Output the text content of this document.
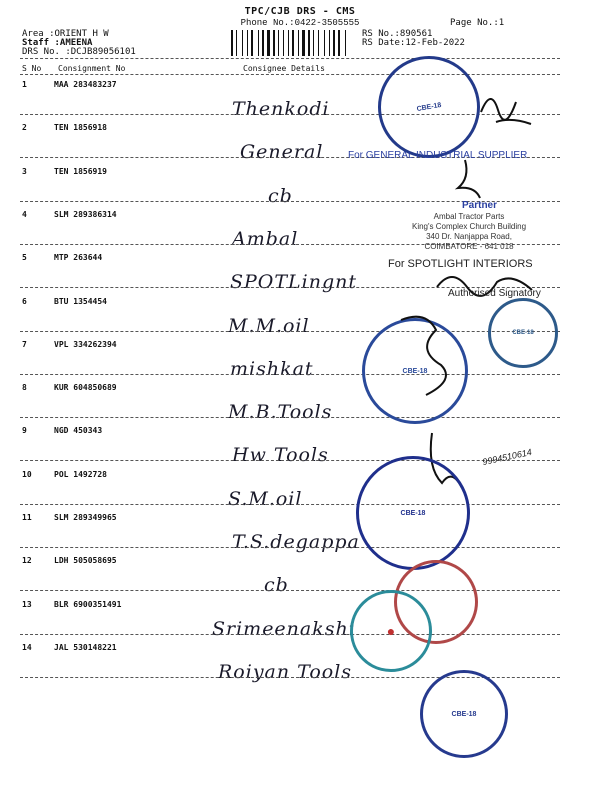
TPC/CJB DRS - CMS
Phone No.:0422-3505555	Page No.:1
Area :ORIENT H W
Staff :AMEENA
DRS No. :DCJB89056101
RS No.:890561
RS Date:12-Feb-2022
S No Consignment No	Consignee Details
1	MAA 283483237
Thenkodi
2	TEN 1856918
General
3	TEN 1856919
cb
4	SLM 289386314
Ambal
5	MTP 263644
SPOTLingnt
6	BTU 1354454
M.M.oil
7	VPL 334262394
mishkat
8	KUR 604850689
M.B.Tools
9	NGD 450343
Hw Tools
10	POL 1492728
S.M.oil
11	SLM 289349965
T.S.degappa
12	LDH 505058695
cb
13	BLR 6900351491
Srimeenakshi
14	JAL 530148221
Roiyan Tools
CBE-18
For GENERAL INDUSTRIAL SUPPLIER
Partner
Ambal Tractor Parts
King's Complex Church Building
340 Dr. Nanjappa Road,
COIMBATORE - 641 018
For SPOTLIGHT INTERIORS
Authorised Signatory
CBE-18
CBE-18
9994510614
CBE-18
●
CBE-18
